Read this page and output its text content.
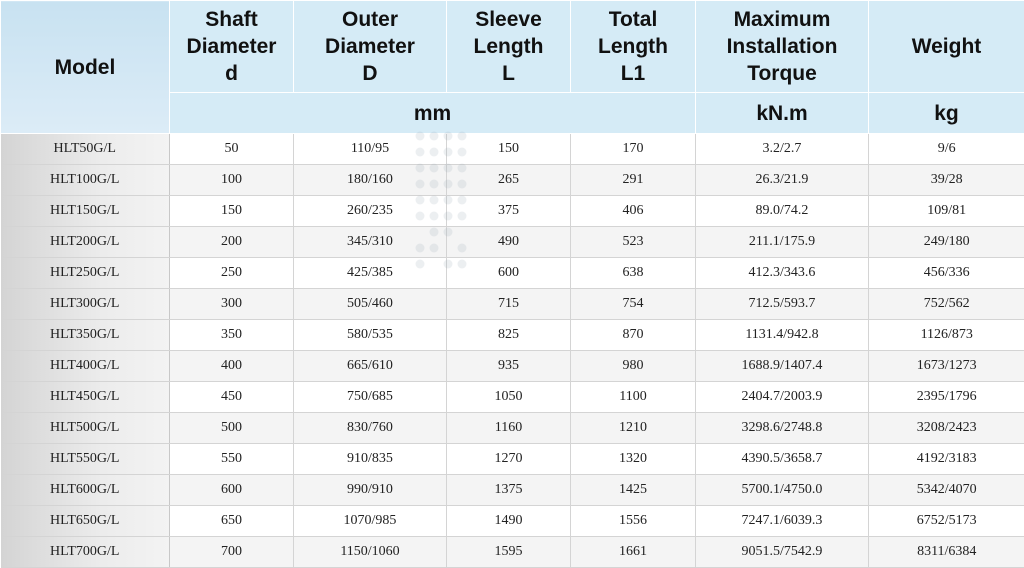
Model	Shaft
Diameter
d	Outer
Diameter
D	Sleeve
Length
L	Total
Length
L1	Maximum
Installation
Torque	Weight
	mm				kN.m	kg
HLT50G/L	50	110/95	150	170	3.2/2.7	9/6
HLT100G/L	100	180/160	265	291	26.3/21.9	39/28
HLT150G/L	150	260/235	375	406	89.0/74.2	109/81
HLT200G/L	200	345/310	490	523	211.1/175.9	249/180
HLT250G/L	250	425/385	600	638	412.3/343.6	456/336
HLT300G/L	300	505/460	715	754	712.5/593.7	752/562
HLT350G/L	350	580/535	825	870	1131.4/942.8	1126/873
HLT400G/L	400	665/610	935	980	1688.9/1407.4	1673/1273
HLT450G/L	450	750/685	1050	1100	2404.7/2003.9	2395/1796
HLT500G/L	500	830/760	1160	1210	3298.6/2748.8	3208/2423
HLT550G/L	550	910/835	1270	1320	4390.5/3658.7	4192/3183
HLT600G/L	600	990/910	1375	1425	5700.1/4750.0	5342/4070
HLT650G/L	650	1070/985	1490	1556	7247.1/6039.3	6752/5173
HLT700G/L	700	1150/1060	1595	1661	9051.5/7542.9	8311/6384
